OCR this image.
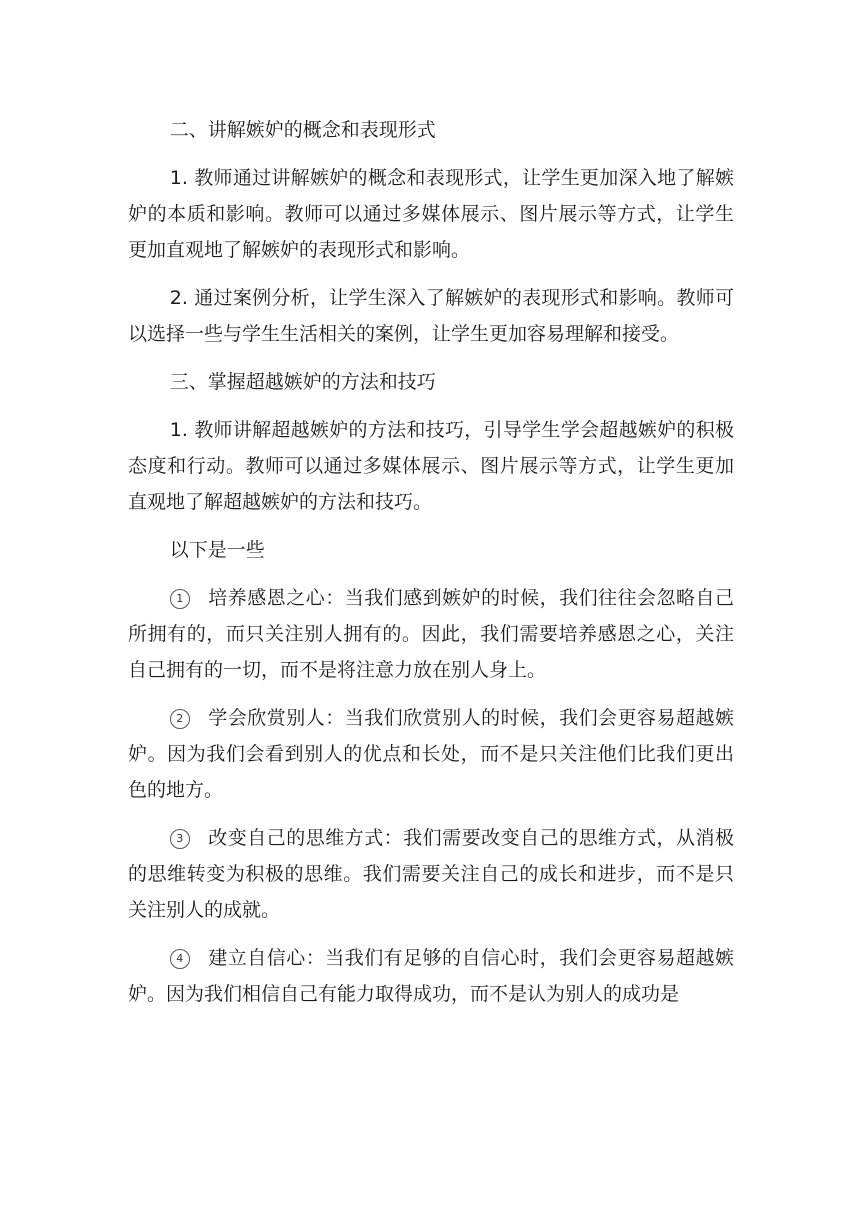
二、讲解嫉妒的概念和表现形式

1. 教师通过讲解嫉妒的概念和表现形式，让学生更加深入地了解嫉妒的本质和影响。教师可以通过多媒体展示、图片展示等方式，让学生更加直观地了解嫉妒的表现形式和影响。

2. 通过案例分析，让学生深入了解嫉妒的表现形式和影响。教师可以选择一些与学生生活相关的案例，让学生更加容易理解和接受。

三、掌握超越嫉妒的方法和技巧

1. 教师讲解超越嫉妒的方法和技巧，引导学生学会超越嫉妒的积极态度和行动。教师可以通过多媒体展示、图片展示等方式，让学生更加直观地了解超越嫉妒的方法和技巧。

以下是一些

1 培养感恩之心：当我们感到嫉妒的时候，我们往往会忽略自己所拥有的，而只关注别人拥有的。因此，我们需要培养感恩之心，关注自己拥有的一切，而不是将注意力放在别人身上。

2 学会欣赏别人：当我们欣赏别人的时候，我们会更容易超越嫉妒。因为我们会看到别人的优点和长处，而不是只关注他们比我们更出色的地方。

3 改变自己的思维方式：我们需要改变自己的思维方式，从消极的思维转变为积极的思维。我们需要关注自己的成长和进步，而不是只关注别人的成就。

4 建立自信心：当我们有足够的自信心时，我们会更容易超越嫉妒。因为我们相信自己有能力取得成功，而不是认为别人的成功是
